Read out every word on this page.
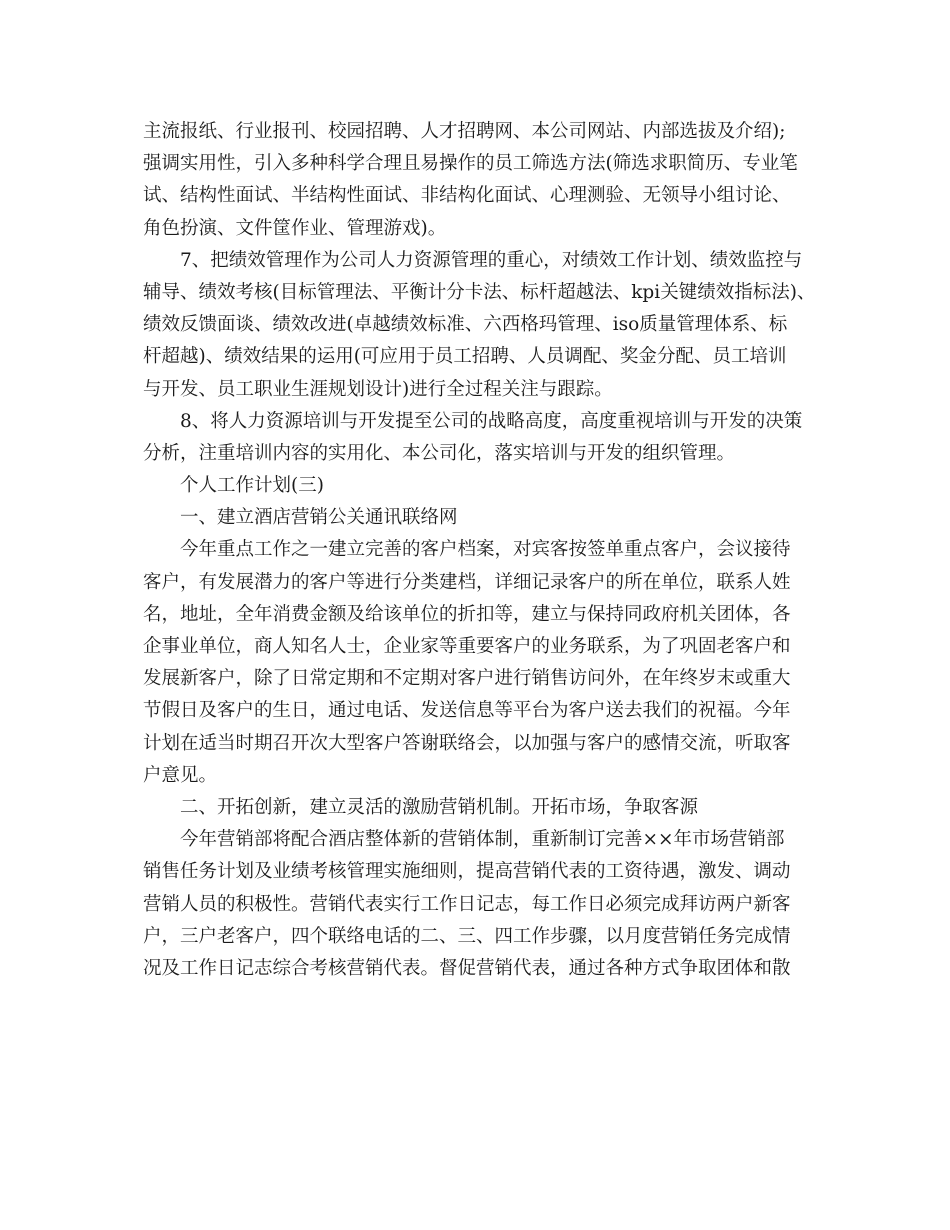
主流报纸、行业报刊、校园招聘、人才招聘网、本公司网站、内部选拔及介绍);
强调实用性，引入多种科学合理且易操作的员工筛选方法(筛选求职简历、专业笔
试、结构性面试、半结构性面试、非结构化面试、心理测验、无领导小组讨论、
角色扮演、文件筐作业、管理游戏)。
7、把绩效管理作为公司人力资源管理的重心，对绩效工作计划、绩效监控与
辅导、绩效考核(目标管理法、平衡计分卡法、标杆超越法、kpi关键绩效指标法)、
绩效反馈面谈、绩效改进(卓越绩效标准、六西格玛管理、iso质量管理体系、标
杆超越)、绩效结果的运用(可应用于员工招聘、人员调配、奖金分配、员工培训
与开发、员工职业生涯规划设计)进行全过程关注与跟踪。
8、将人力资源培训与开发提至公司的战略高度，高度重视培训与开发的决策
分析，注重培训内容的实用化、本公司化，落实培训与开发的组织管理。
个人工作计划(三)
一、建立酒店营销公关通讯联络网
今年重点工作之一建立完善的客户档案，对宾客按签单重点客户，会议接待
客户，有发展潜力的客户等进行分类建档，详细记录客户的所在单位，联系人姓
名，地址，全年消费金额及给该单位的折扣等，建立与保持同政府机关团体，各
企事业单位，商人知名人士，企业家等重要客户的业务联系，为了巩固老客户和
发展新客户，除了日常定期和不定期对客户进行销售访问外，在年终岁末或重大
节假日及客户的生日，通过电话、发送信息等平台为客户送去我们的祝福。今年
计划在适当时期召开次大型客户答谢联络会，以加强与客户的感情交流，听取客
户意见。
二、开拓创新，建立灵活的激励营销机制。开拓市场，争取客源
今年营销部将配合酒店整体新的营销体制，重新制订完善××年市场营销部
销售任务计划及业绩考核管理实施细则，提高营销代表的工资待遇，激发、调动
营销人员的积极性。营销代表实行工作日记志，每工作日必须完成拜访两户新客
户，三户老客户，四个联络电话的二、三、四工作步骤，以月度营销任务完成情
况及工作日记志综合考核营销代表。督促营销代表，通过各种方式争取团体和散
